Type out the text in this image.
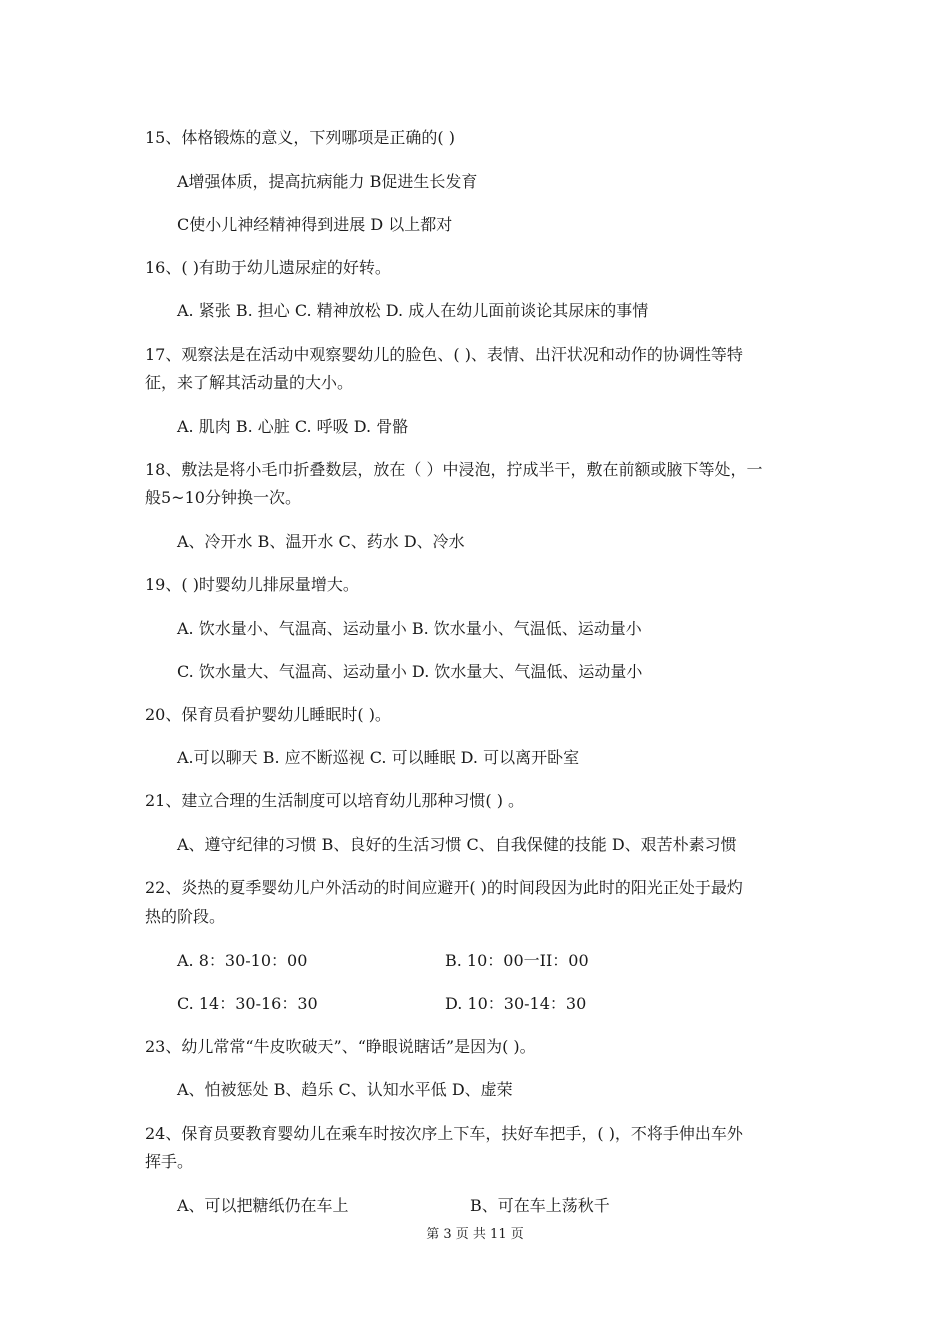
15、体格锻炼的意义，下列哪项是正确的( )
A增强体质，提高抗病能力 B促进生长发育
C使小儿神经精神得到进展 D 以上都对
16、( )有助于幼儿遗尿症的好转。
A. 紧张 B. 担心 C. 精神放松 D. 成人在幼儿面前谈论其尿床的事情
17、观察法是在活动中观察婴幼儿的脸色、( )、表情、出汗状况和动作的协调性等特
征，来了解其活动量的大小。
A. 肌肉 B. 心脏 C. 呼吸 D. 骨骼
18、敷法是将小毛巾折叠数层，放在（ ）中浸泡，拧成半干，敷在前额或腋下等处，一
般5~10分钟换一次。
A、冷开水 B、温开水 C、药水 D、冷水
19、( )时婴幼儿排尿量增大。
A. 饮水量小、气温高、运动量小 B. 饮水量小、气温低、运动量小
C. 饮水量大、气温高、运动量小 D. 饮水量大、气温低、运动量小
20、保育员看护婴幼儿睡眠时( )。
A.可以聊天 B. 应不断巡视 C. 可以睡眠 D. 可以离开卧室
21、建立合理的生活制度可以培育幼儿那种习惯( ) 。
A、遵守纪律的习惯 B、良好的生活习惯 C、自我保健的技能 D、艰苦朴素习惯
22、炎热的夏季婴幼儿户外活动的时间应避开( )的时间段因为此时的阳光正处于最灼
热的阶段。
A. 8：30-10：00	B. 10：00一II：00
C. 14：30-16：30	D. 10：30-14：30
23、幼儿常常“牛皮吹破天”、“睁眼说瞎话”是因为( )。
A、怕被惩处 B、趋乐 C、认知水平低 D、虚荣
24、保育员要教育婴幼儿在乘车时按次序上下车，扶好车把手，( )，不将手伸出车外
挥手。
A、可以把糖纸仍在车上	B、可在车上荡秋千
第 3 页 共 11 页
